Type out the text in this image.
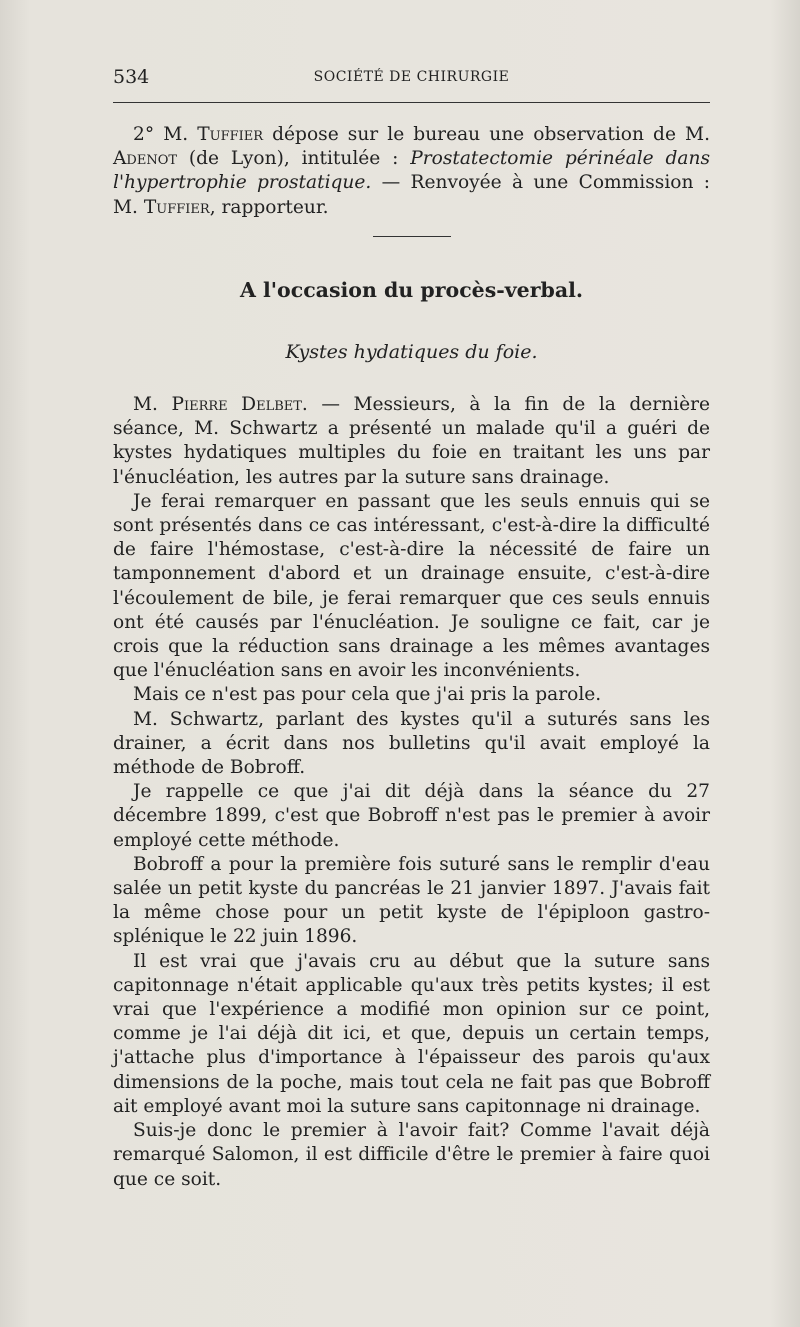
534	SOCIÉTÉ DE CHIRURGIE

2° M. Tuffier dépose sur le bureau une observation de M. Adenot (de Lyon), intitulée : Prostatectomie périnéale dans l'hypertrophie prostatique. — Renvoyée à une Commission : M. Tuffier, rapporteur.

A l'occasion du procès-verbal.
Kystes hydatiques du foie.

M. Pierre Delbet. — Messieurs, à la fin de la dernière séance, M. Schwartz a présenté un malade qu'il a guéri de kystes hydatiques multiples du foie en traitant les uns par l'énucléation, les autres par la suture sans drainage.

Je ferai remarquer en passant que les seuls ennuis qui se sont présentés dans ce cas intéressant, c'est-à-dire la difficulté de faire l'hémostase, c'est-à-dire la nécessité de faire un tamponnement d'abord et un drainage ensuite, c'est-à-dire l'écoulement de bile, je ferai remarquer que ces seuls ennuis ont été causés par l'énucléation. Je souligne ce fait, car je crois que la réduction sans drainage a les mêmes avantages que l'énucléation sans en avoir les inconvénients.

Mais ce n'est pas pour cela que j'ai pris la parole.

M. Schwartz, parlant des kystes qu'il a suturés sans les drainer, a écrit dans nos bulletins qu'il avait employé la méthode de Bobroff.

Je rappelle ce que j'ai dit déjà dans la séance du 27 décembre 1899, c'est que Bobroff n'est pas le premier à avoir employé cette méthode.

Bobroff a pour la première fois suturé sans le remplir d'eau salée un petit kyste du pancréas le 21 janvier 1897. J'avais fait la même chose pour un petit kyste de l'épiploon gastro-splénique le 22 juin 1896.

Il est vrai que j'avais cru au début que la suture sans capitonnage n'était applicable qu'aux très petits kystes; il est vrai que l'expérience a modifié mon opinion sur ce point, comme je l'ai déjà dit ici, et que, depuis un certain temps, j'attache plus d'importance à l'épaisseur des parois qu'aux dimensions de la poche, mais tout cela ne fait pas que Bobroff ait employé avant moi la suture sans capitonnage ni drainage.

Suis-je donc le premier à l'avoir fait? Comme l'avait déjà remarqué Salomon, il est difficile d'être le premier à faire quoi que ce soit.
